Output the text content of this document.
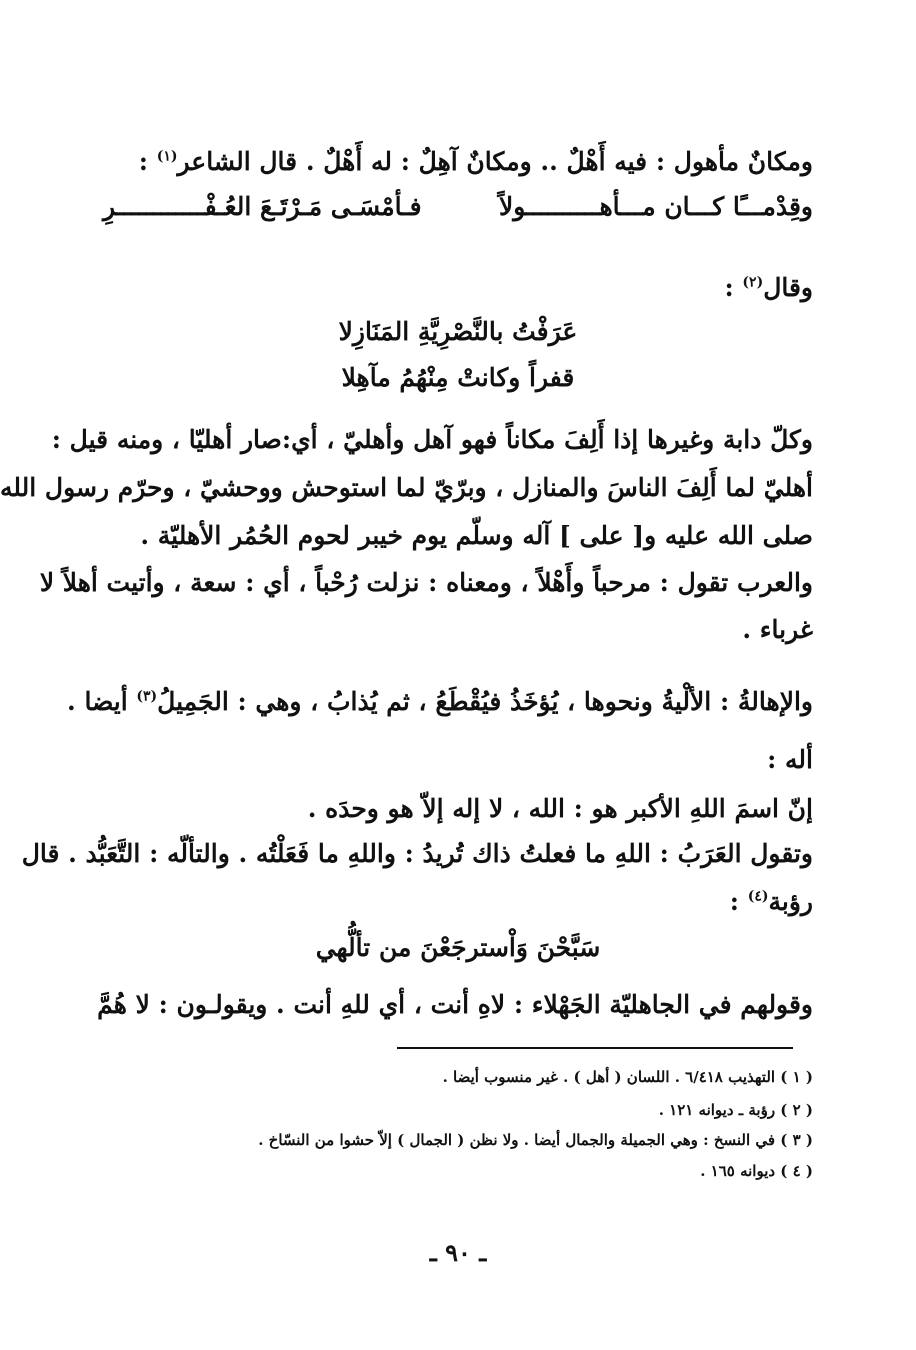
ومكانٌ مأهول : فيه أَهْلٌ .. ومكانٌ آهِلٌ : له أَهْلٌ . قال الشاعر$^{(١)}$ :
وقِدْمـــًا كـــان مـــأهــــــــــولاً
فـأمْسَـى مَـرْتَـعَ العُـفْــــــــــــرِ
وقال$^{(٢)}$ :
عَرَفْتُ بالنَّصْرِيَّةِ المَنَازِلا
قفراً وكانتْ مِنْهُمُ مآهِلا
وكلّ دابة وغيرها إذا أَلِفَ مكاناً فهو آهل وأهليّ ، أي:صار أهليّا ، ومنه قيل :
أهليّ لما أَلِفَ الناسَ والمنازل ، وبرّيّ لما استوحش ووحشيّ ، وحرّم رسول الله
صلى الله عليه و[ على ] آله وسلّم يوم خيبر لحوم الحُمُر الأهليّة .
والعرب تقول : مرحباً وأَهْلاً ، ومعناه : نزلت رُحْباً ، أي : سعة ، وأتيت أهلاً لا
غرباء .
والإهالةُ : الألْيةُ ونحوها ، يُؤخَذُ فيُقْطَعُ ، ثم يُذابُ ، وهي : الجَمِيلُ$^{(٣)}$ أيضا .
أله :
إنّ اسمَ اللهِ الأكبر هو : الله ، لا إله إلاّ هو وحدَه .
وتقول العَرَبُ : اللهِ ما فعلتُ ذاك تُريدُ : واللهِ ما فَعَلْتُه . والتألّه : التَّعَبُّد . قال
رؤبة$^{(٤)}$ :
سَبَّحْنَ وَاْسترجَعْنَ من تألُّهي
وقولهم في الجاهليّة الجَهْلاء : لاهِ أنت ، أي للهِ أنت . ويقولـون : لا هُمَّ
( ١ ) التهذيب ٦/٤١٨ . اللسان ( أهل ) . غير منسوب أيضا .
( ٢ ) رؤبة ـ ديوانه ١٢١ .
( ٣ ) في النسخ : وهي الجميلة والجمال أيضا . ولا نظن ( الجمال ) إلاّ حشوا من النسّاخ .
( ٤ ) ديوانه ١٦٥ .
ـ ٩٠ ـ
